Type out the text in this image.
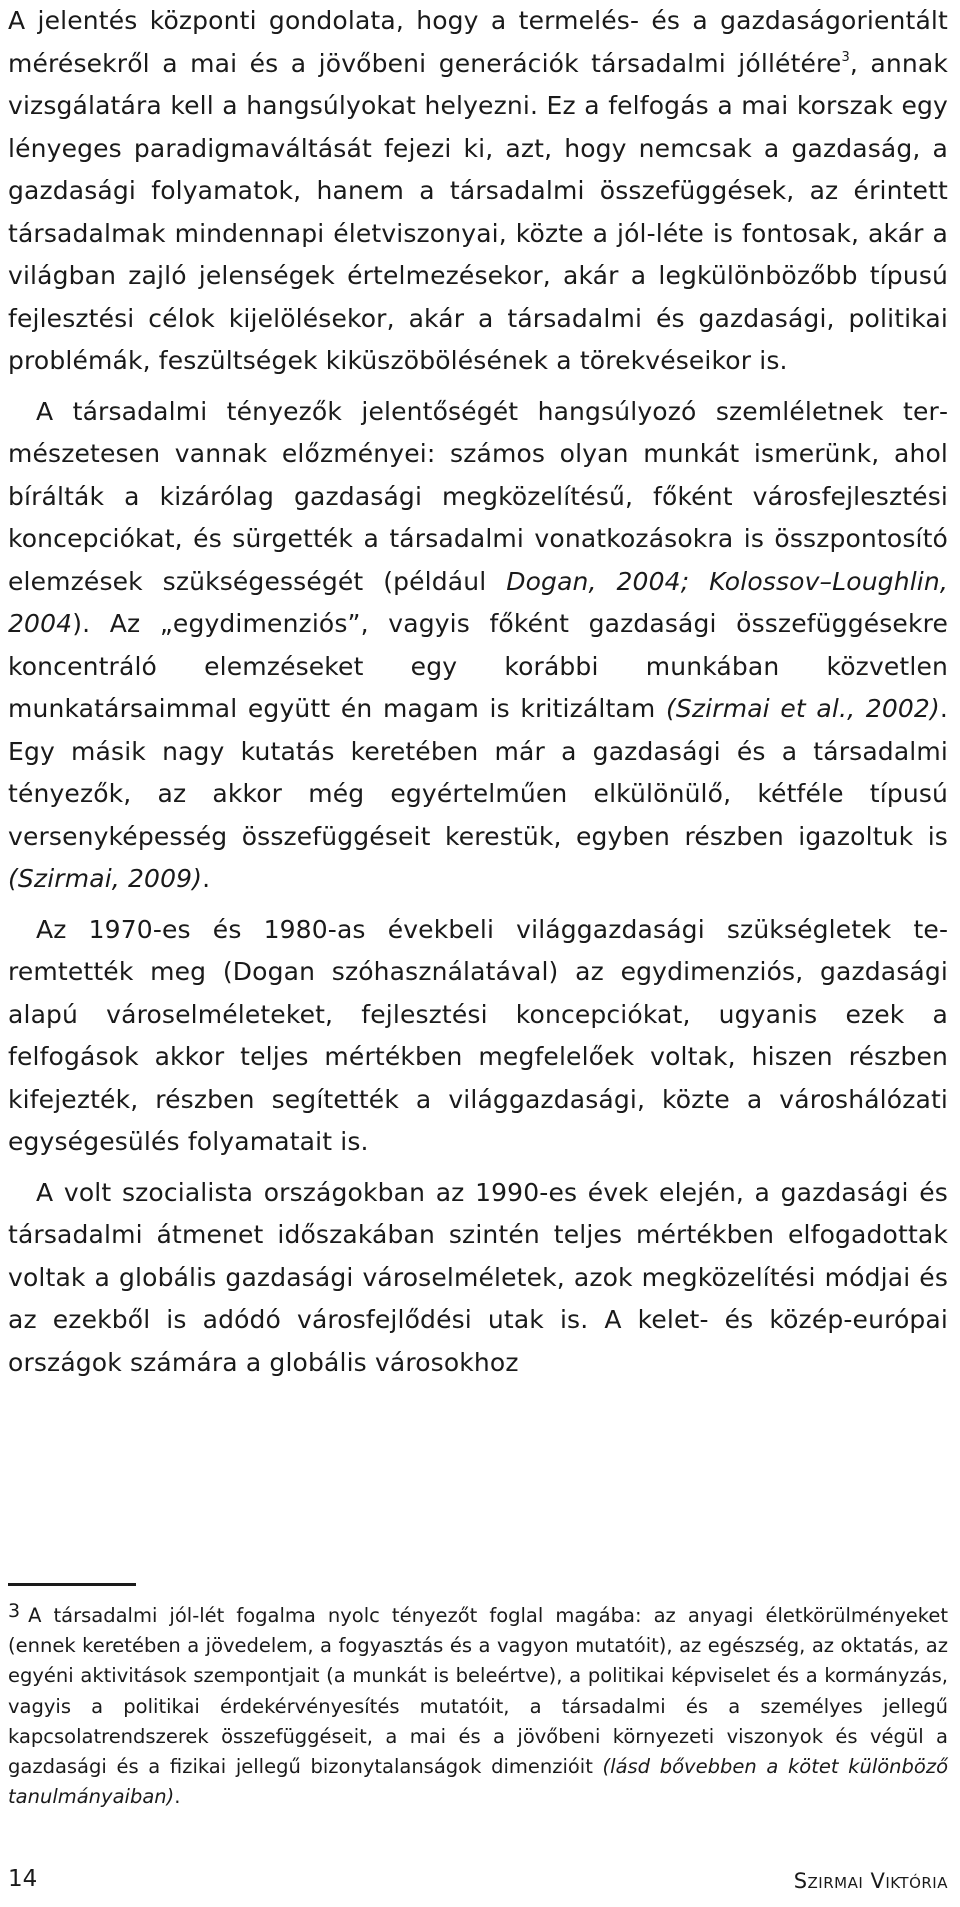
A jelentés központi gondolata, hogy a termelés- és a gazdaságorientált mérésekről a mai és a jövőbeni generációk társadalmi jóllétére$^3$, annak vizsgálatára kell a hangsúlyokat helyezni. Ez a felfogás a mai korszak egy lényeges paradigmaváltását fejezi ki, azt, hogy nemcsak a gazdaság, a gazdasági folyamatok, hanem a társadalmi összefüggések, az érintett társadalmak mindennapi életviszonyai, közte a jól-léte is fontosak, akár a világban zajló jelenségek értelmezésekor, akár a legkülönbözőbb típusú fejlesztési célok kijelölésekor, akár a társadalmi és gazdasági, politikai problémák, feszültségek kiküszöbölésének a törekvéseikor is.

A társadalmi tényezők jelentőségét hangsúlyozó szemléletnek természetesen vannak előzményei: számos olyan munkát ismerünk, ahol bírálták a kizárólag gazdasági megközelítésű, főként városfejlesztési koncepciókat, és sürgették a társadalmi vonatkozásokra is összpontosító elemzések szükségességét (például Dogan, 2004; Kolossov–Loughlin, 2004). Az „egydimenziós”, vagyis főként gazdasági összefüggésekre koncentráló elemzéseket egy korábbi munkában közvetlen munkatársaimmal együtt én magam is kritizáltam (Szirmai et al., 2002). Egy másik nagy kutatás keretében már a gazdasági és a társadalmi tényezők, az akkor még egyértelműen elkülönülő, kétféle típusú versenyképesség összefüggéseit kerestük, egyben részben igazoltuk is (Szirmai, 2009).

Az 1970-es és 1980-as évekbeli világgazdasági szükségletek teremtették meg (Dogan szóhasználatával) az egydimenziós, gazdasági alapú városelméleteket, fejlesztési koncepciókat, ugyanis ezek a felfogások akkor teljes mértékben megfelelőek voltak, hiszen részben kifejezték, részben segítették a világgazdasági, közte a városhálózati egységesülés folyamatait is.

A volt szocialista országokban az 1990-es évek elején, a gazdasági és társadalmi átmenet időszakában szintén teljes mértékben elfogadottak voltak a globális gazdasági városelméletek, azok megközelítési módjai és az ezekből is adódó városfejlődési utak is. A kelet- és közép-európai országok számára a globális városokhoz

3 A társadalmi jól-lét fogalma nyolc tényezőt foglal magába: az anyagi életkörülményeket (ennek keretében a jövedelem, a fogyasztás és a vagyon mutatóit), az egészség, az oktatás, az egyéni aktivitások szempontjait (a munkát is beleértve), a politikai képviselet és a kormányzás, vagyis a politikai érdekérvényesítés mutatóit, a társadalmi és a személyes jellegű kapcsolatrendszerek összefüggéseit, a mai és a jövőbeni környezeti viszonyok és végül a gazdasági és a fizikai jellegű bizonytalanságok dimenzióit (lásd bővebben a kötet különböző tanulmányaiban).
14	Szirmai Viktória
